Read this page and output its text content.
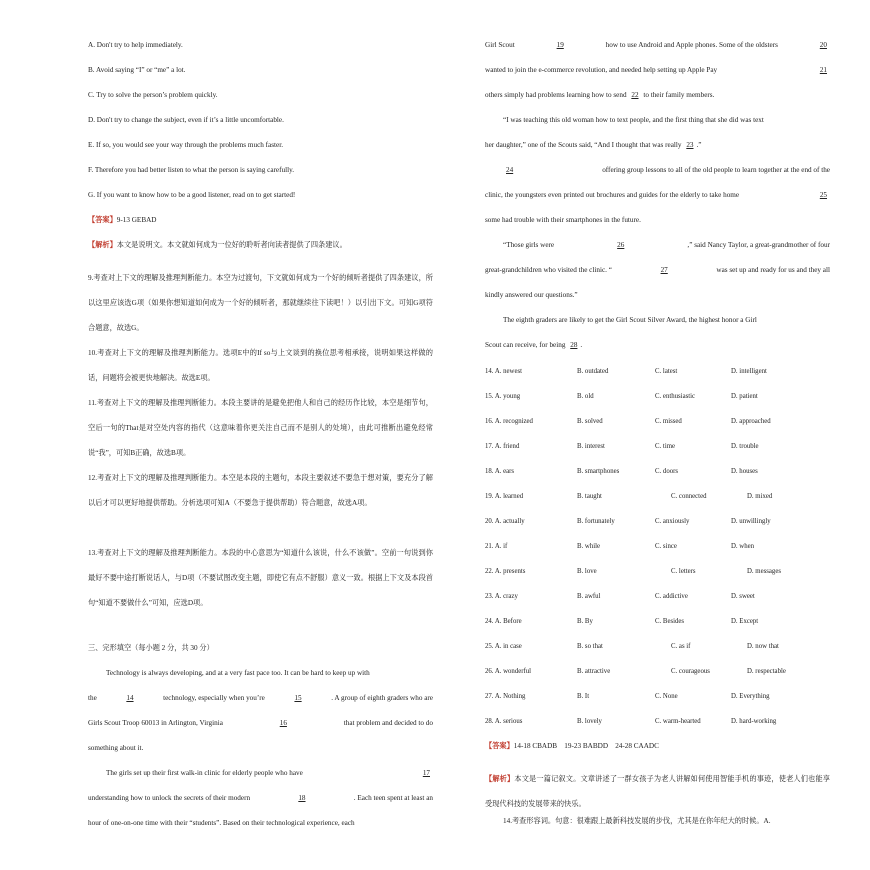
A. Don't try to help immediately.
B. Avoid saying “I” or “me” a lot.
C. Try to solve the person’s problem quickly.
D. Don't try to change the subject, even if it’s a little uncomfortable.
E. If so, you would see your way through the problems much faster.
F. Therefore you had better listen to what the person is saying carefully.
G. If you want to know how to be a good listener, read on to get started!
【答案】9-13 GEBAD
【解析】本文是说明文。本文就如何成为一位好的聆听者向读者提供了四条建议。
9.考查对上下文的理解及推理判断能力。本空为过渡句，下文就如何成为一个好的倾听者提供了四条建议，所以这里应该选G项（如果你想知道如何成为一个好的倾听者，那就继续往下读吧！）以引出下文。可知G项符合题意，故选G。
10.考查对上下文的理解及推理判断能力。选项E中的If so与上文谈到的换位思考相承接，说明如果这样做的话，问题将会被更快地解决。故选E项。
11.考查对上下文的理解及推理判断能力。本段主要讲的是避免把他人和自己的经历作比较，本空是细节句，空后一句的That是对空处内容的指代（这意味着你更关注自己而不是别人的处境），由此可推断出避免经常说“我”，可知B正确，故选B项。
12.考查对上下文的理解及推理判断能力。本空是本段的主题句，本段主要叙述不要急于想对策，要充分了解以后才可以更好地提供帮助。分析选项可知A（不要急于提供帮助）符合题意，故选A项。
13.考查对上下文的理解及推理判断能力。本段的中心意思为“知道什么该说，什么不该做”。空前一句说到你最好不要中途打断说话人，与D项（不要试图改变主题，即使它有点不舒服）意义一致。根据上下文及本段首句“知道不要做什么”可知，应选D项。
三、完形填空（每小题 2 分，共 30 分）
Technology is always developing, and at a very fast pace too. It can be hard to keep up with
the	14	technology, especially when you’re	15	. A group of eighth graders who are
Girls Scout Troop 60013 in Arlington, Virginia	16	that problem and decided to do
something about it.
The girls set up their first walk-in clinic for elderly people who have	17
understanding how to unlock the secrets of their modern	18	. Each teen spent at least an
hour of one-on-one time with their “students”. Based on their technological experience, each
Girl Scout	19	how to use Android and Apple phones. Some of the oldsters	20
wanted to join the e-commerce revolution, and needed help setting up Apple Pay	21
others simply had problems learning how to send 22 to their family members.
“I was teaching this old woman how to text people, and the first thing that she did was text
her daughter,” one of the Scouts said, “And I thought that was really 23 .”
24	offering group lessons to all of the old people to learn together at the end of the
clinic, the youngsters even printed out brochures and guides for the elderly to take home	25
some had trouble with their smartphones in the future.
“Those girls were	26	,” said Nancy Taylor, a great-grandmother of four
great-grandchildren who visited the clinic. “	27	was set up and ready for us and they all
kindly answered our questions.”
The eighth graders are likely to get the Girl Scout Silver Award, the highest honor a Girl
Scout can receive, for being 28 .
14. A. newest	B. outdated	C. latest	D. intelligent
15. A. young	B. old	C. enthusiastic	D. patient
16. A. recognized	B. solved	C. missed	D. approached
17. A. friend	B. interest	C. time	D. trouble
18. A. ears	B. smartphones	C. doors	D. houses
19. A. learned	B. taught	C. connected	D. mixed
20. A. actually	B. fortunately	C. anxiously	D. unwillingly
21. A. if	B. while	C. since	D. when
22. A. presents	B. love	C. letters	D. messages
23. A. crazy	B. awful	C. addictive	D. sweet
24. A. Before	B. By	C. Besides	D. Except
25. A. in case	B. so that	C. as if	D. now that
26. A. wonderful	B. attractive	C. courageous	D. respectable
27. A. Nothing	B. It	C. None	D. Everything
28. A. serious	B. lovely	C. warm-hearted	D. hard-working
【答案】14-18 CBADB    19-23 BABDD    24-28 CAADC
【解析】本文是一篇记叙文。文章讲述了一群女孩子为老人讲解如何使用智能手机的事迹，使老人们也能享受现代科技的发展带来的快乐。
14.考查形容词。句意：很难跟上最新科技发展的步伐，尤其是在你年纪大的时候。A.
